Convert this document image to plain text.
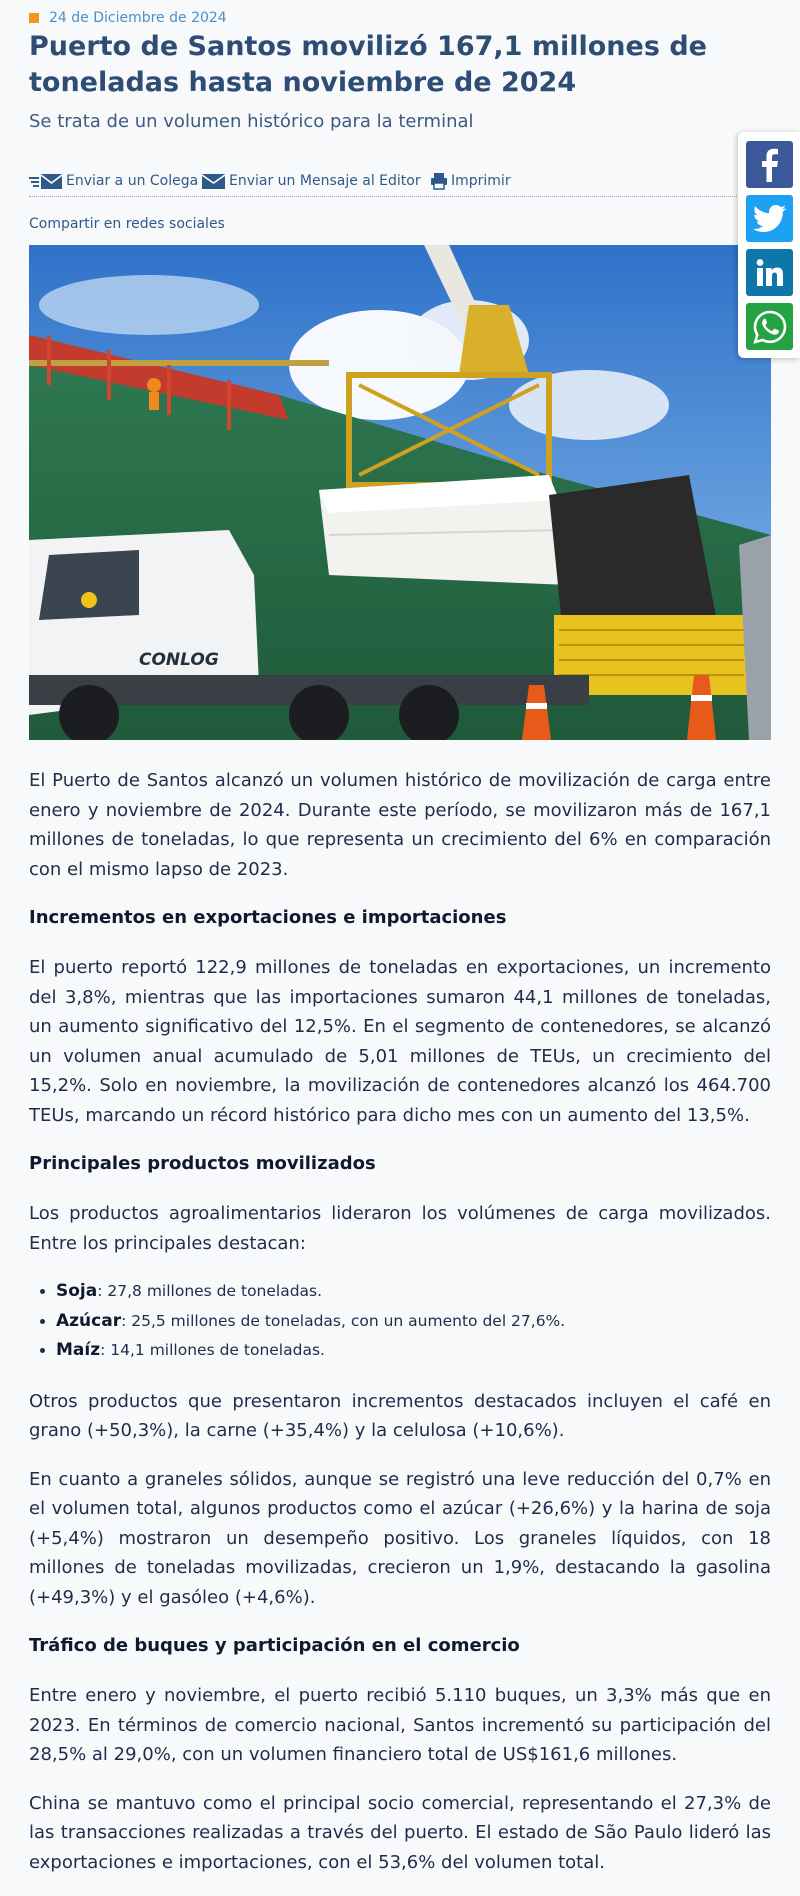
24 de Diciembre de 2024
Puerto de Santos movilizó 167,1 millones de toneladas hasta noviembre de 2024

Se trata de un volumen histórico para la terminal

Enviar a un Colega Enviar un Mensaje al Editor Imprimir
Compartir en redes sociales
CONLOG

El Puerto de Santos alcanzó un volumen histórico de movilización de carga entre enero y noviembre de 2024. Durante este período, se movilizaron más de 167,1 millones de toneladas, lo que representa un crecimiento del 6% en comparación con el mismo lapso de 2023.

Incrementos en exportaciones e importaciones

El puerto reportó 122,9 millones de toneladas en exportaciones, un incremento del 3,8%, mientras que las importaciones sumaron 44,1 millones de toneladas, un aumento significativo del 12,5%. En el segmento de contenedores, se alcanzó un volumen anual acumulado de 5,01 millones de TEUs, un crecimiento del 15,2%. Solo en noviembre, la movilización de contenedores alcanzó los 464.700 TEUs, marcando un récord histórico para dicho mes con un aumento del 13,5%.

Principales productos movilizados

Los productos agroalimentarios lideraron los volúmenes de carga movilizados. Entre los principales destacan:

• Soja: 27,8 millones de toneladas.
• Azúcar: 25,5 millones de toneladas, con un aumento del 27,6%.
• Maíz: 14,1 millones de toneladas.

Otros productos que presentaron incrementos destacados incluyen el café en grano (+50,3%), la carne (+35,4%) y la celulosa (+10,6%).

En cuanto a graneles sólidos, aunque se registró una leve reducción del 0,7% en el volumen total, algunos productos como el azúcar (+26,6%) y la harina de soja (+5,4%) mostraron un desempeño positivo. Los graneles líquidos, con 18 millones de toneladas movilizadas, crecieron un 1,9%, destacando la gasolina (+49,3%) y el gasóleo (+4,6%).

Tráfico de buques y participación en el comercio

Entre enero y noviembre, el puerto recibió 5.110 buques, un 3,3% más que en 2023. En términos de comercio nacional, Santos incrementó su participación del 28,5% al 29,0%, con un volumen financiero total de US$161,6 millones.

China se mantuvo como el principal socio comercial, representando el 27,3% de las transacciones realizadas a través del puerto. El estado de São Paulo lideró las exportaciones e importaciones, con el 53,6% del volumen total.
